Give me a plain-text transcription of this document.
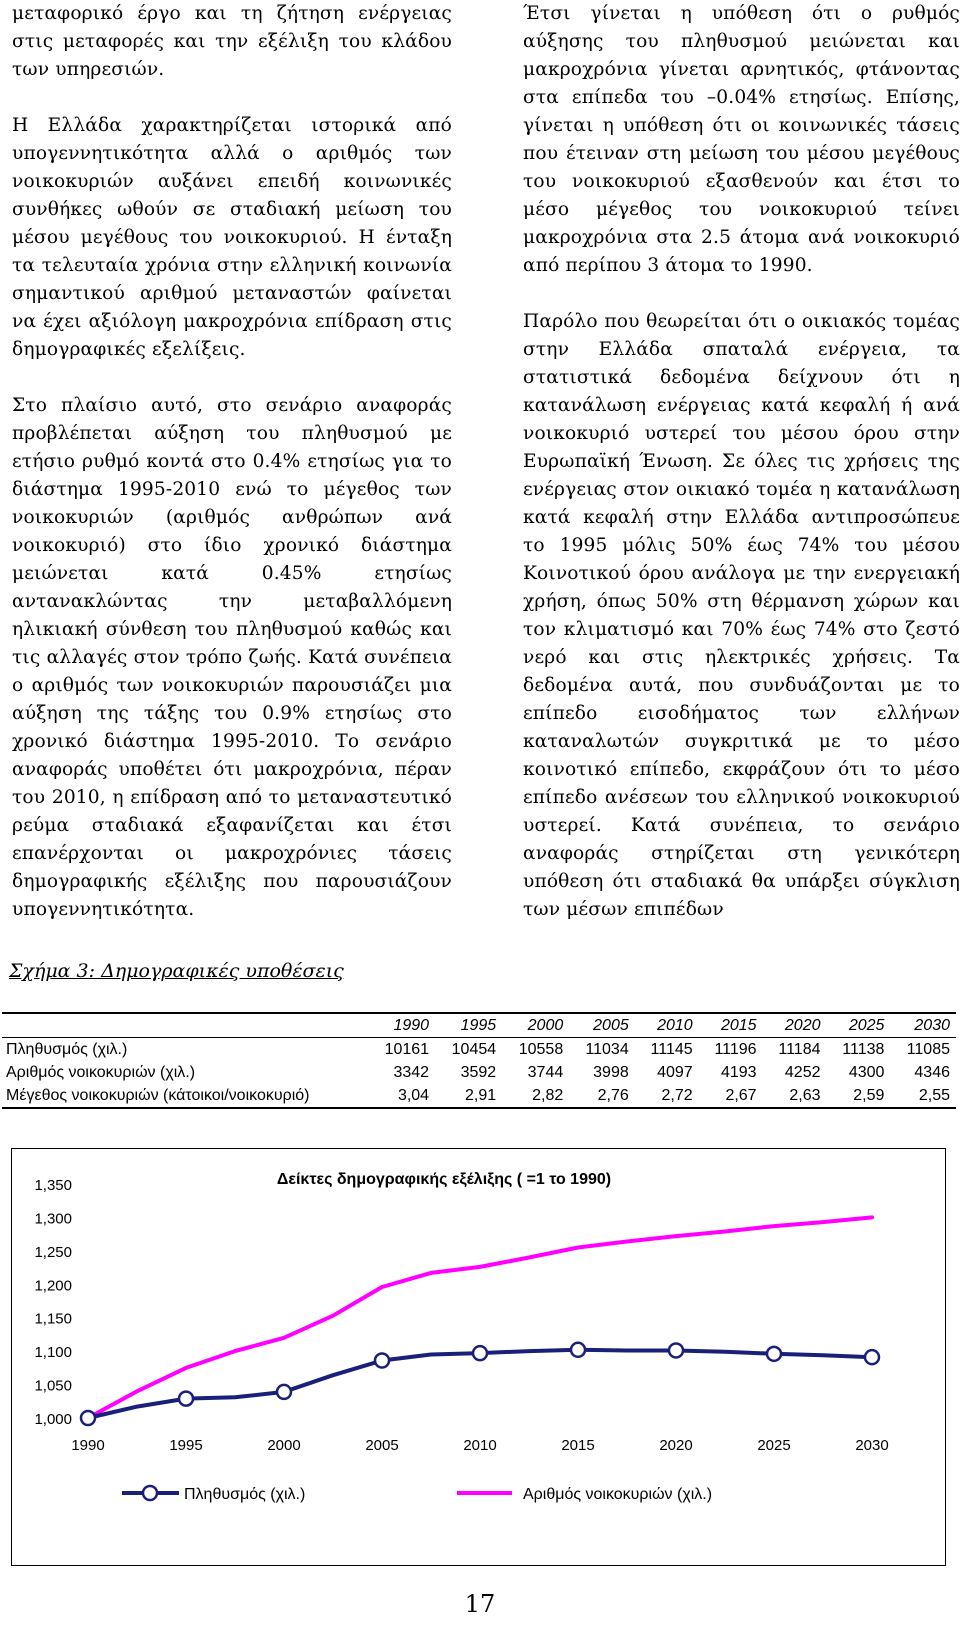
μεταφορικό έργο και τη ζήτηση ενέργειας στις μεταφορές και την εξέλιξη του κλάδου των υπηρεσιών.

Η Ελλάδα χαρακτηρίζεται ιστορικά από υπογεννητικότητα αλλά ο αριθμός των νοικοκυριών αυξάνει επειδή κοινωνικές συνθήκες ωθούν σε σταδιακή μείωση του μέσου μεγέθους του νοικοκυριού. Η ένταξη τα τελευταία χρόνια στην ελληνική κοινωνία σημαντικού αριθμού μεταναστών φαίνεται να έχει αξιόλογη μακροχρόνια επίδραση στις δημογραφικές εξελίξεις.

Στο πλαίσιο αυτό, στο σενάριο αναφοράς προβλέπεται αύξηση του πληθυσμού με ετήσιο ρυθμό κοντά στο 0.4% ετησίως για το διάστημα 1995-2010 ενώ το μέγεθος των νοικοκυριών (αριθμός ανθρώπων ανά νοικοκυριό) στο ίδιο χρονικό διάστημα μειώνεται κατά 0.45% ετησίως αντανακλώντας την μεταβαλλόμενη ηλικιακή σύνθεση του πληθυσμού καθώς και τις αλλαγές στον τρόπο ζωής. Κατά συνέπεια ο αριθμός των νοικοκυριών παρουσιάζει μια αύξηση της τάξης του 0.9% ετησίως στο χρονικό διάστημα 1995-2010. Το σενάριο αναφοράς υποθέτει ότι μακροχρόνια, πέραν του 2010, η επίδραση από το μεταναστευτικό ρεύμα σταδιακά εξαφανίζεται και έτσι επανέρχονται οι μακροχρόνιες τάσεις δημογραφικής εξέλιξης που παρουσιάζουν υπογεννητικότητα.

Έτσι γίνεται η υπόθεση ότι ο ρυθμός αύξησης του πληθυσμού μειώνεται και μακροχρόνια γίνεται αρνητικός, φτάνοντας στα επίπεδα του –0.04% ετησίως. Επίσης, γίνεται η υπόθεση ότι οι κοινωνικές τάσεις που έτειναν στη μείωση του μέσου μεγέθους του νοικοκυριού εξασθενούν και έτσι το μέσο μέγεθος του νοικοκυριού τείνει μακροχρόνια στα 2.5 άτομα ανά νοικοκυριό από περίπου 3 άτομα το 1990.

Παρόλο που θεωρείται ότι ο οικιακός τομέας στην Ελλάδα σπαταλά ενέργεια, τα στατιστικά δεδομένα δείχνουν ότι η κατανάλωση ενέργειας κατά κεφαλή ή ανά νοικοκυριό υστερεί του μέσου όρου στην Ευρωπαϊκή Ένωση. Σε όλες τις χρήσεις της ενέργειας στον οικιακό τομέα η κατανάλωση κατά κεφαλή στην Ελλάδα αντιπροσώπευε το 1995 μόλις 50% έως 74% του μέσου Κοινοτικού όρου ανάλογα με την ενεργειακή χρήση, όπως 50% στη θέρμανση χώρων και τον κλιματισμό και 70% έως 74% στο ζεστό νερό και στις ηλεκτρικές χρήσεις. Τα δεδομένα αυτά, που συνδυάζονται με το επίπεδο εισοδήματος των ελλήνων καταναλωτών συγκριτικά με το μέσο κοινοτικό επίπεδο, εκφράζουν ότι το μέσο επίπεδο ανέσεων του ελληνικού νοικοκυριού υστερεί. Κατά συνέπεια, το σενάριο αναφοράς στηρίζεται στη γενικότερη υπόθεση ότι σταδιακά θα υπάρξει σύγκλιση των μέσων επιπέδων

Σχήμα 3: Δημογραφικές υποθέσεις
	1990	1995	2000	2005	2010	2015	2020	2025	2030
Πληθυσμός (χιλ.)	10161	10454	10558	11034	11145	11196	11184	11138	11085
Αριθμός νοικοκυριών (χιλ.)	3342	3592	3744	3998	4097	4193	4252	4300	4346
Μέγεθος νοικοκυριών (κάτοικοι/νοικοκυριό)	3,04	2,91	2,82	2,76	2,72	2,67	2,63	2,59	2,55
Δείκτες δημογραφικής εξέλιξης ( =1 το 1990)
1,000
1,050
1,100
1,150
1,200
1,250
1,300
1,350
1990	1995	2000	2005	2010	2015	2020	2025	2030
Πληθυσμός (χιλ.)	Αριθμός νοικοκυριών (χιλ.)
17
